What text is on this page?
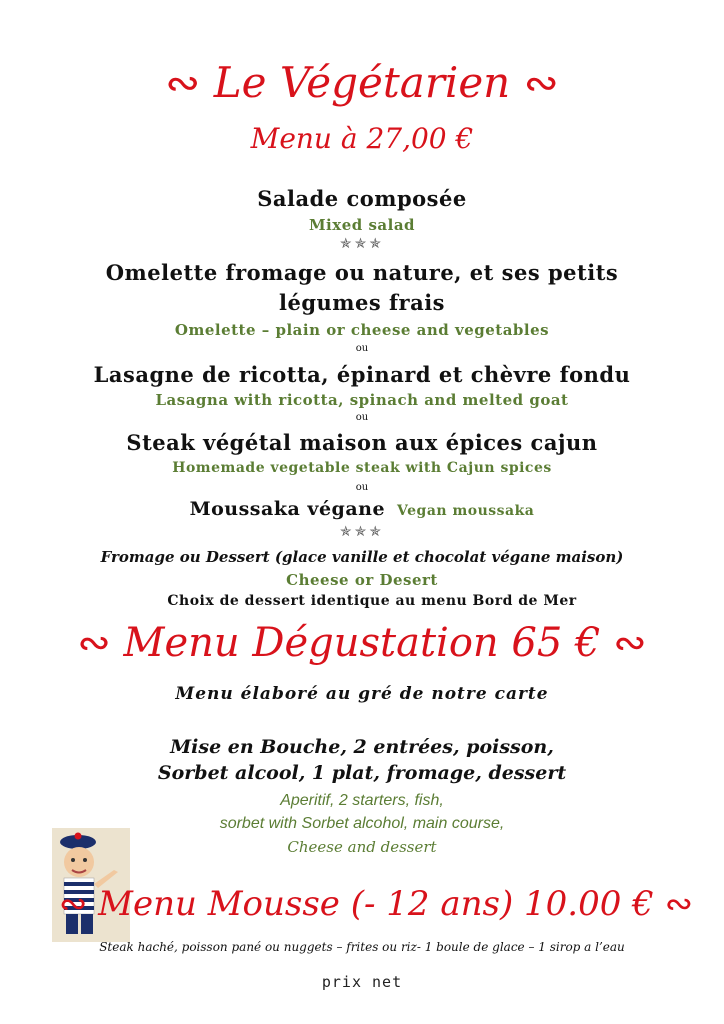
∾ Le Végétarien ∾
Menu à 27,00 €
Salade composée
Mixed salad
✯✯✯
Omelette fromage ou nature, et ses petits
légumes frais
Omelette – plain or cheese and vegetables
ou
Lasagne de ricotta, épinard et chèvre fondu
Lasagna with ricotta, spinach and melted goat
ou
Steak végétal maison aux épices cajun
Homemade vegetable steak with Cajun spices
ou
Moussaka végane Vegan moussaka
✯✯✯
Fromage ou Dessert (glace vanille et chocolat végane maison)
Cheese or Desert
Choix de dessert identique au menu Bord de Mer
∾ Menu Dégustation 65 € ∾
Menu élaboré au gré de notre carte
Mise en Bouche, 2 entrées, poisson,
Sorbet alcool, 1 plat, fromage, dessert
Aperitif, 2 starters, fish,
sorbet with Sorbet alcohol, main course,
Cheese and dessert
∾ Menu Mousse (- 12 ans) 10.00 € ∾
Steak haché, poisson pané ou nuggets – frites ou riz- 1 boule de glace – 1 sirop a l’eau
prix net
